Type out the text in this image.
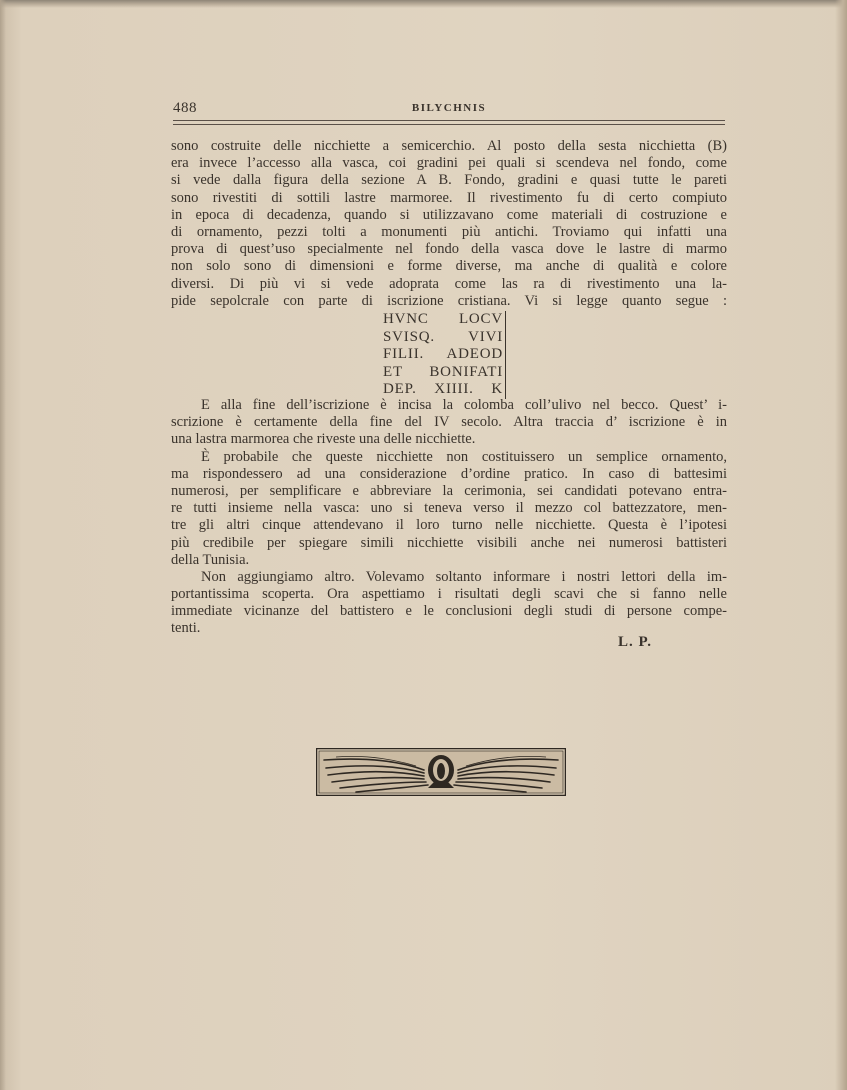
488	BILYCHNIS
sono costruite delle nicchiette a semicerchio. Al posto della sesta nicchietta (B)
era invece l’accesso alla vasca, coi gradini pei quali si scendeva nel fondo, come
si vede dalla figura della sezione A B. Fondo, gradini e quasi tutte le pareti
sono rivestiti di sottili lastre marmoree. Il rivestimento fu di certo compiuto
in epoca di decadenza, quando si utilizzavano come materiali di costruzione e
di ornamento, pezzi tolti a monumenti più antichi. Troviamo qui infatti una
prova di quest’uso specialmente nel fondo della vasca dove le lastre di marmo
non solo sono di dimensioni e forme diverse, ma anche di qualità e colore
diversi. Di più vi si vede adoprata come las ra di rivestimento una la-
pide sepolcrale con parte di iscrizione cristiana. Vi si legge quanto segue :
HVNC LOCV
SVISQ. VIVI
FILII. ADEOD
ET BONIFATI
DEP. XIIII. K
E alla fine dell’iscrizione è incisa la colomba coll’ulivo nel becco. Quest’ i-
scrizione è certamente della fine del IV secolo. Altra traccia d’ iscrizione è in
una lastra marmorea che riveste una delle nicchiette.
È probabile che queste nicchiette non costituissero un semplice ornamento,
ma rispondessero ad una considerazione d’ordine pratico. In caso di battesimi
numerosi, per semplificare e abbreviare la cerimonia, sei candidati potevano entra-
re tutti insieme nella vasca: uno si teneva verso il mezzo col battezzatore, men-
tre gli altri cinque attendevano il loro turno nelle nicchiette. Questa è l’ipotesi
più credibile per spiegare simili nicchiette visibili anche nei numerosi battisteri
della Tunisia.
Non aggiungiamo altro. Volevamo soltanto informare i nostri lettori della im-
portantissima scoperta. Ora aspettiamo i risultati degli scavi che si fanno nelle
immediate vicinanze del battistero e le conclusioni degli studi di persone compe-
tenti.
L. P.
